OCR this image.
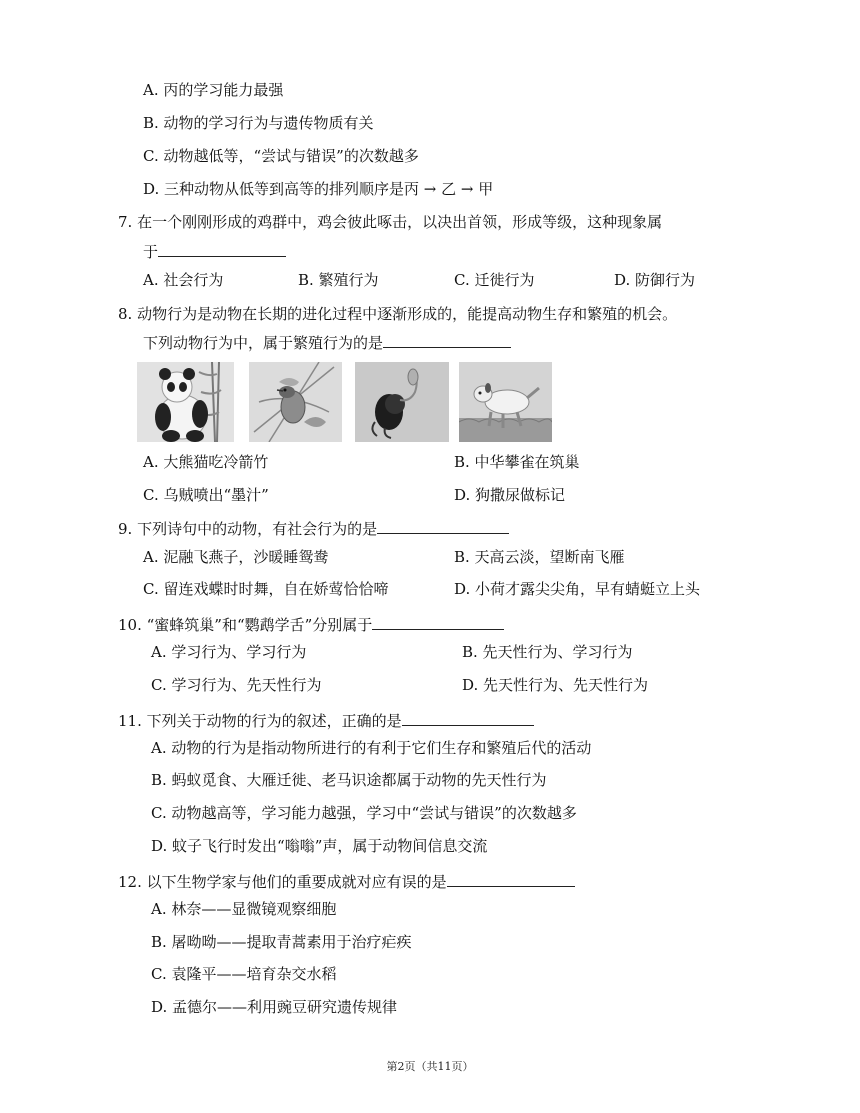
A. 丙的学习能力最强
B. 动物的学习行为与遗传物质有关
C. 动物越低等，“尝试与错误”的次数越多
D. 三种动物从低等到高等的排列顺序是丙 → 乙 → 甲
7. 在一个刚刚形成的鸡群中，鸡会彼此啄击，以决出首领，形成等级，这种现象属
于
A. 社会行为	B. 繁殖行为	C. 迁徙行为	D. 防御行为
8. 动物行为是动物在长期的进化过程中逐渐形成的，能提高动物生存和繁殖的机会。
下列动物行为中，属于繁殖行为的是
A. 大熊猫吃冷箭竹	B. 中华攀雀在筑巢
C. 乌贼喷出“墨汁”	D. 狗撒尿做标记
9. 下列诗句中的动物，有社会行为的是
A. 泥融飞燕子，沙暖睡鸳鸯	B. 天高云淡，望断南飞雁
C. 留连戏蝶时时舞，自在娇莺恰恰啼	D. 小荷才露尖尖角，早有蜻蜓立上头
10. “蜜蜂筑巢”和“鹦鹉学舌”分别属于
A. 学习行为、学习行为	B. 先天性行为、学习行为
C. 学习行为、先天性行为	D. 先天性行为、先天性行为
11. 下列关于动物的行为的叙述，正确的是
A. 动物的行为是指动物所进行的有利于它们生存和繁殖后代的活动
B. 蚂蚁觅食、大雁迁徙、老马识途都属于动物的先天性行为
C. 动物越高等，学习能力越强，学习中“尝试与错误”的次数越多
D. 蚊子飞行时发出“嗡嗡”声，属于动物间信息交流
12. 以下生物学家与他们的重要成就对应有误的是
A. 林奈——显微镜观察细胞
B. 屠呦呦——提取青蒿素用于治疗疟疾
C. 袁隆平——培育杂交水稻
D. 孟德尔——利用豌豆研究遗传规律
第2页（共11页）
